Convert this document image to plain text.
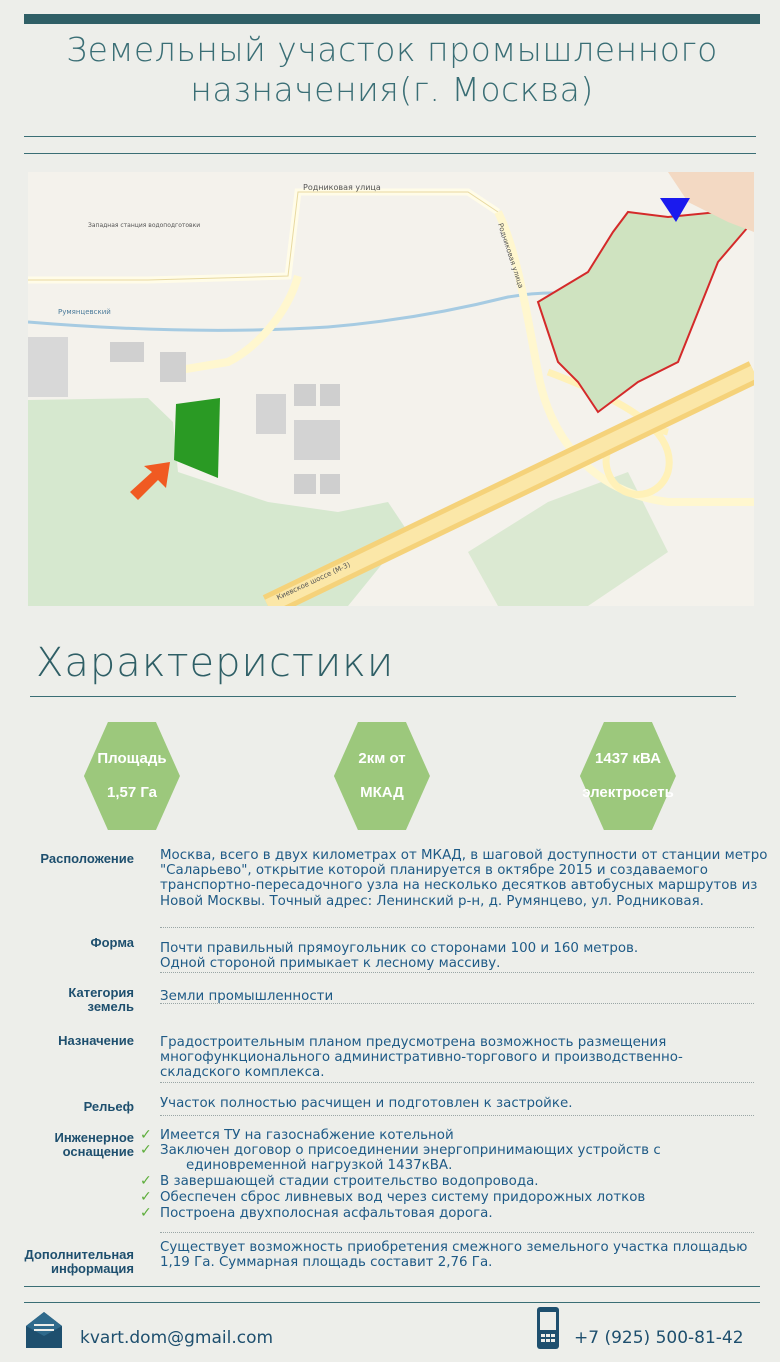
Земельный участок промышленного
назначения(г. Москва)
Родниковая улица
Родниковая улица
Киевское шоссе (М-3)
Румянцевский
Западная станция водоподготовки
Характеристики
Площадь
1,57 Га
2км от
МКАД
1437 кВА
электросеть
Расположение Москва, всего в двух километрах от МКАД, в шаговой доступности от станции метро "Саларьево", открытие которой планируется в октябре 2015 и создаваемого транспортно-пересадочного узла на несколько десятков автобусных маршрутов из Новой Москвы. Точный адрес: Ленинский р-н, д. Румянцево, ул. Родниковая.
Форма Почти правильный прямоугольник со сторонами 100 и 160 метров.
Одной стороной примыкает к лесному массиву.
Категория
земель
Земли промышленности
Назначение Градостроительным планом предусмотрена возможность размещения многофункционального административно-торгового и производственно-складского комплекса.
Рельеф Участок полностью расчищен и подготовлен к застройке.
Инженерное
оснащение
✓ Имеется ТУ на газоснабжение котельной
✓ Заключен договор о присоединении энергопринимающих устройств с
единовременной нагрузкой 1437кВА.
✓ В завершающей стадии строительство водопровода.
✓ Обеспечен сброс ливневых вод через систему придорожных лотков
✓ Построена двухполосная асфальтовая дорога.
Дополнительная
информация
Существует возможность приобретения смежного земельного участка площадью
1,19 Га. Суммарная площадь составит 2,76 Га.
kvart.dom@gmail.com	+7 (925) 500-81-42
